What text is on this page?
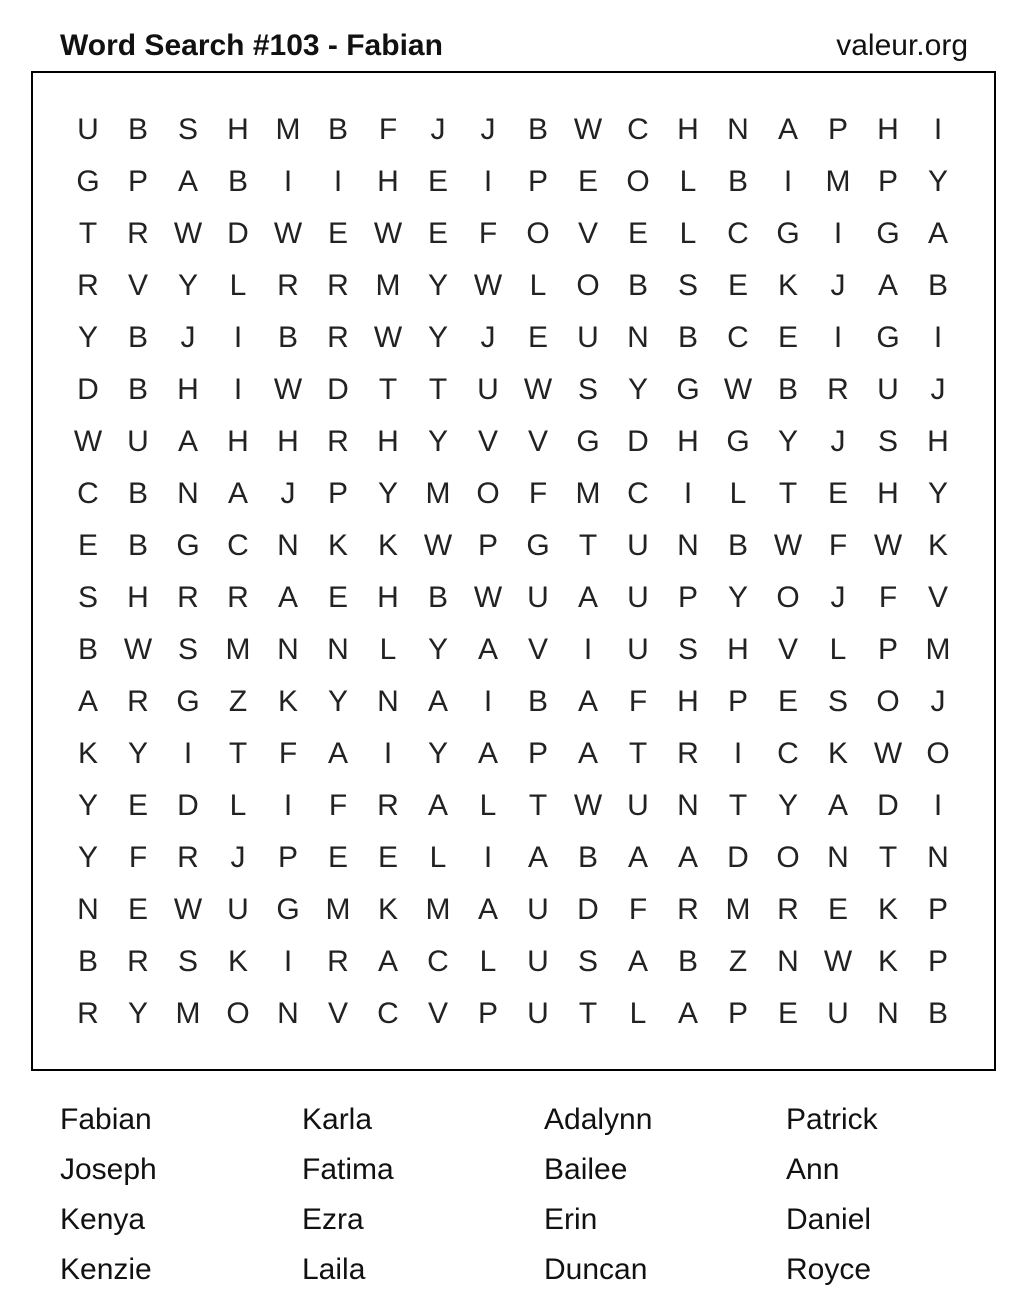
Word Search #103 - Fabian	valeur.org
U B S H M B	F	J	J	B W C H N A P H	I
G P A B	I	I	H E	I	P E O L	B	I	M P Y
T	R W D W E W E	F O V E	L	C G	I	G A
R V Y	L	R R M Y W L O B S E K	J	A B
Y B	J	I	B R W Y	J	E U N B C E	I	G	I
D B H	I	W D	T	T	U W S Y G W B R U	J
W U A H H R H Y V V G D H G Y	J	S H
C B N A	J	P Y M O F M C	I	L	T	E H Y
E B G C N K K W P G T	U N B W F W K
S H R R A E H B W U A U P Y O	J	F	V
B W S M N N	L	Y A V	I	U S H V	L	P M
A R G Z	K Y N A	I	B A	F	H P E S O	J
K Y	I	T	F	A	I	Y A P A	T	R	I	C K W O
Y E D	L	I	F	R A	L	T W U N	T	Y A D	I
Y	F	R	J	P E E	L	I	A B A A D O N	T	N
N E W U G M K M A U D	F	R M R E K P
B R S K	I	R A C	L	U S A B	Z	N W K P
R Y M O N V C V P U	T	L	A P E U N B
Fabian	Karla	Adalynn	Patrick
Joseph	Fatima	Bailee	Ann
Kenya	Ezra	Erin	Daniel
Kenzie	Laila	Duncan	Royce
